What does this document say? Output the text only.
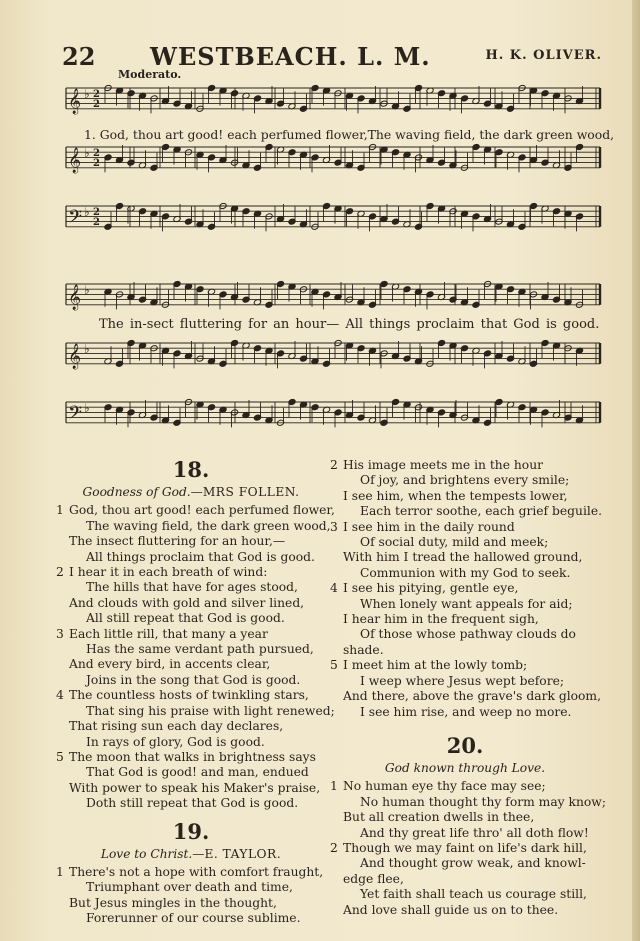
22 WESTBEACH. L. M.	H. K. OLIVER.
Moderato.
𝄞 ♭ 2
2
𝄞 ♭ 2
2
𝄢 ♭ 2
2
𝄞 ♭
𝄞 ♭
𝄢 ♭
1. God, thou art good! each perfumed flower,The waving field, the dark green wood,
The in-sect fluttering for an hour— All things proclaim that God is good.
18.
Goodness of God.—MRS FOLLEN.
1 God, thou art good! each perfumed flower,
The waving field, the dark green wood,
The insect fluttering for an hour,—
All things proclaim that God is good.
2 I hear it in each breath of wind:
The hills that have for ages stood,
And clouds with gold and silver lined,
All still repeat that God is good.
3 Each little rill, that many a year
Has the same verdant path pursued,
And every bird, in accents clear,
Joins in the song that God is good.
4 The countless hosts of twinkling stars,
That sing his praise with light renewed;
That rising sun each day declares,
In rays of glory, God is good.
5 The moon that walks in brightness says
That God is good! and man, endued
With power to speak his Maker's praise,
Doth still repeat that God is good.
19.
Love to Christ.—E. TAYLOR.
1 There's not a hope with comfort fraught,
Triumphant over death and time,
But Jesus mingles in the thought,
Forerunner of our course sublime.
2 His image meets me in the hour
Of joy, and brightens every smile;
I see him, when the tempests lower,
Each terror soothe, each grief beguile.
3 I see him in the daily round
Of social duty, mild and meek;
With him I tread the hallowed ground,
Communion with my God to seek.
4 I see his pitying, gentle eye,
When lonely want appeals for aid;
I hear him in the frequent sigh,
Of those whose pathway clouds do
shade.
5 I meet him at the lowly tomb;
I weep where Jesus wept before;
And there, above the grave's dark gloom,
I see him rise, and weep no more.
20.
God known through Love.
1 No human eye thy face may see;
No human thought thy form may know;
But all creation dwells in thee,
And thy great life thro' all doth flow!
2 Though we may faint on life's dark hill,
And thought grow weak, and knowl-
edge flee,
Yet faith shall teach us courage still,
And love shall guide us on to thee.
